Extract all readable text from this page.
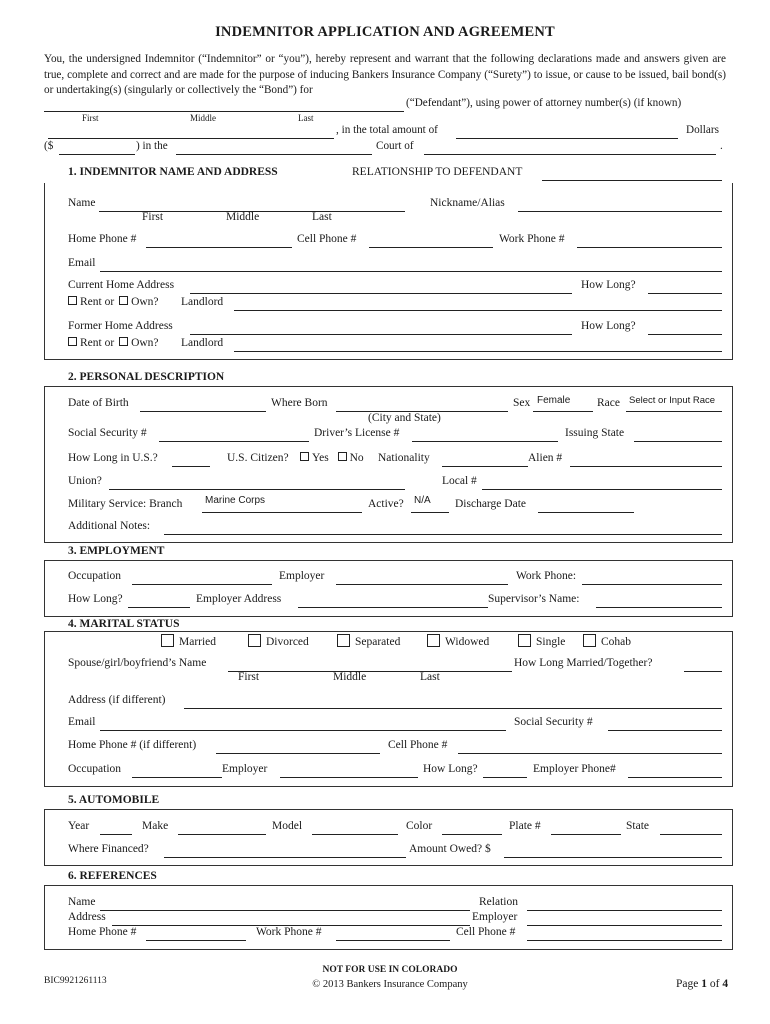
INDEMNITOR APPLICATION AND AGREEMENT
You, the undersigned Indemnitor (“Indemnitor” or “you”), hereby represent and warrant that the following declarations made and answers given are true, complete and correct and are made for the purpose of inducing Bankers Insurance Company (“Surety”) to issue, or cause to be issued, bail bond(s) or undertaking(s) (singularly or collectively the “Bond”) for
(“Defendant”), using power of attorney number(s) (if known)
First	Middle	Last
, in the total amount of	Dollars
($	) in the	Court of	.
1. INDEMNITOR NAME AND ADDRESS	RELATIONSHIP TO DEFENDANT
Name	Nickname/Alias
First	Middle	Last
Home Phone #	Cell Phone #	Work Phone #
Email
Current Home Address	How Long?
Rent or Own? Landlord
Former Home Address	How Long?
Rent or Own? Landlord
2. PERSONAL DESCRIPTION
Date of Birth	Where Born	Sex Female Race Select or Input Race
(City and State)
Social Security #	Driver’s License #	Issuing State
How Long in U.S.?	U.S. Citizen?	Yes No Nationality	Alien #
Union?	Local #
Military Service: Branch Marine Corps	Active? N/A Discharge Date
Additional Notes:
3. EMPLOYMENT
Occupation	Employer	Work Phone:
How Long?	Employer Address	Supervisor’s Name:
4. MARITAL STATUS
Married	Divorced	Separated	Widowed	Single	Cohab
Spouse/girl/boyfriend’s Name	How Long Married/Together?
First	Middle	Last
Address (if different)
Email	Social Security #
Home Phone # (if different)	Cell Phone #
Occupation	Employer	How Long?	Employer Phone#
5. AUTOMOBILE
Year	Make	Model	Color	Plate #	State
Where Financed?	Amount Owed? $
6. REFERENCES
Name	Relation
Address	Employer
Home Phone #	Work Phone #	Cell Phone #
BIC9921261113
NOT FOR USE IN COLORADO
© 2013 Bankers Insurance Company	Page 1 of 4
